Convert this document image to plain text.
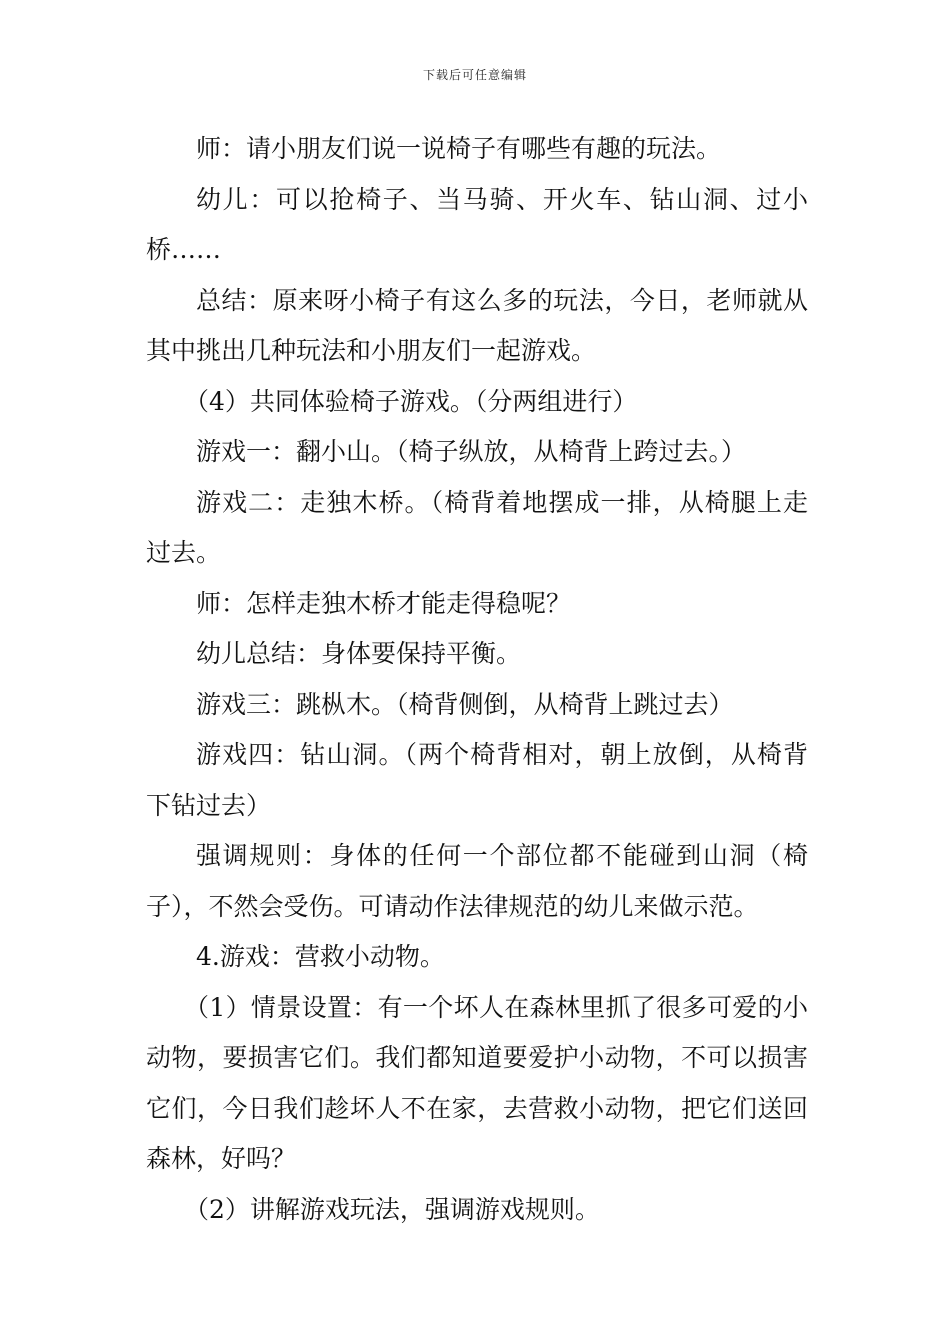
下载后可任意编辑

师：请小朋友们说一说椅子有哪些有趣的玩法。

幼儿：可以抢椅子、当马骑、开火车、钻山洞、过小桥……

总结：原来呀小椅子有这么多的玩法，今日，老师就从其中挑出几种玩法和小朋友们一起游戏。

（4）共同体验椅子游戏。（分两组进行）

游戏一：翻小山。（椅子纵放，从椅背上跨过去。）

游戏二：走独木桥。（椅背着地摆成一排，从椅腿上走过去。

师：怎样走独木桥才能走得稳呢？

幼儿总结：身体要保持平衡。

游戏三：跳枞木。（椅背侧倒，从椅背上跳过去）

游戏四：钻山洞。（两个椅背相对，朝上放倒，从椅背下钻过去）

强调规则：身体的任何一个部位都不能碰到山洞（椅子），不然会受伤。可请动作法律规范的幼儿来做示范。

4.游戏：营救小动物。

（1）情景设置：有一个坏人在森林里抓了很多可爱的小动物，要损害它们。我们都知道要爱护小动物，不可以损害它们，今日我们趁坏人不在家，去营救小动物，把它们送回森林，好吗？

（2）讲解游戏玩法，强调游戏规则。
